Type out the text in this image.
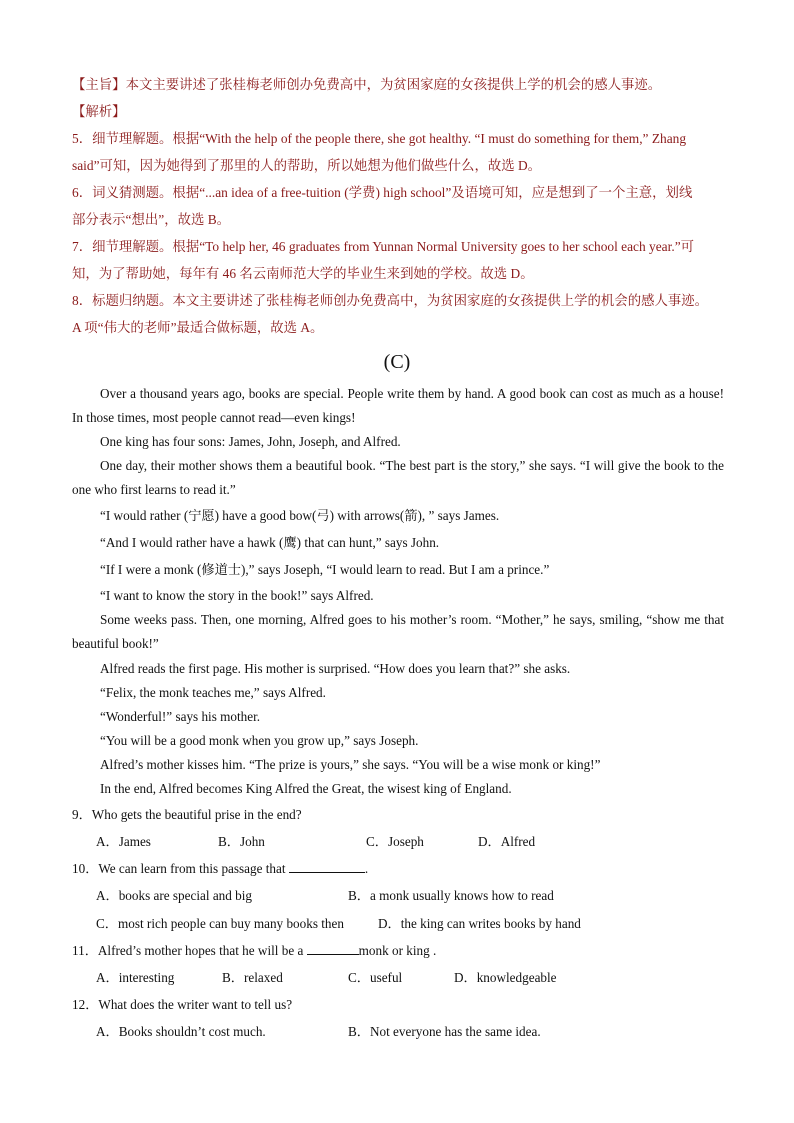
【主旨】本文主要讲述了张桂梅老师创办免费高中，为贫困家庭的女孩提供上学的机会的感人事迹。
【解析】
5．细节理解题。根据“With the help of the people there, she got healthy. “I must do something for them,” Zhang
said”可知，因为她得到了那里的人的帮助，所以她想为他们做些什么，故选 D。
6．词义猜测题。根据“...an idea of a free-tuition (学费) high school”及语境可知，应是想到了一个主意，划线
部分表示“想出”，故选 B。
7．细节理解题。根据“To help her, 46 graduates from Yunnan Normal University goes to her school each year.”可
知，为了帮助她，每年有 46 名云南师范大学的毕业生来到她的学校。故选 D。
8．标题归纳题。本文主要讲述了张桂梅老师创办免费高中，为贫困家庭的女孩提供上学的机会的感人事迹。
A 项“伟大的老师”最适合做标题，故选 A。
(C)
Over a thousand years ago, books are special. People write them by hand. A good book can cost as much as a house! In those times, most people cannot read—even kings!
One king has four sons: James, John, Joseph, and Alfred.
One day, their mother shows them a beautiful book. “The best part is the story,” she says. “I will give the book to the one who first learns to read it.”
“I would rather (宁愿) have a good bow(弓) with arrows(箭), ” says James.
“And I would rather have a hawk (鹰) that can hunt,” says John.
“If I were a monk (修道士),” says Joseph, “I would learn to read. But I am a prince.”
“I want to know the story in the book!” says Alfred.
Some weeks pass. Then, one morning, Alfred goes to his mother’s room. “Mother,” he says, smiling, “show me that beautiful book!”
Alfred reads the first page. His mother is surprised. “How does you learn that?” she asks.
“Felix, the monk teaches me,” says Alfred.
“Wonderful!” says his mother.
“You will be a good monk when you grow up,” says Joseph.
Alfred’s mother kisses him. “The prize is yours,” she says. “You will be a wise monk or king!”
In the end, Alfred becomes King Alfred the Great, the wisest king of England.
9．Who gets the beautiful prise in the end?
A．James	B．John	C．Joseph	D．Alfred
10．We can learn from this passage that	.
A．books are special and big	B．a monk usually knows how to read
C．most rich people can buy many books then	D．the king can writes books by hand
11．Alfred’s mother hopes that he will be a	monk or king .
A．interesting	B．relaxed	C．useful	D．knowledgeable
12．What does the writer want to tell us?
A．Books shouldn’t cost much.	B．Not everyone has the same idea.
